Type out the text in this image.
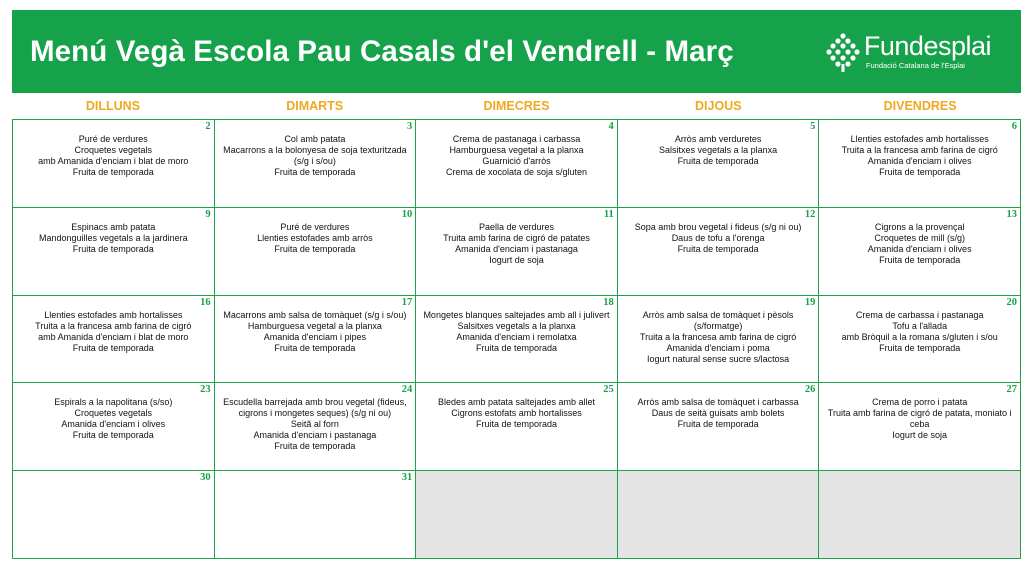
Menú Vegà Escola Pau Casals d'el Vendrell - Març	Fundesplai
Fundació Catalana de l'Esplai
DILLUNS	DIMARTS	DIMECRES	DIJOUS	DIVENDRES
2
Puré de verdures
Croquetes vegetals
amb Amanida d'enciam i blat de moro
Fruita de temporada
3
Col amb patata
Macarrons a la bolonyesa de soja texturitzada (s/g i s/ou)
Fruita de temporada
4
Crema de pastanaga i carbassa
Hamburguesa vegetal a la planxa
Guarnició d'arròs
Crema de xocolata de soja s/gluten
5
Arròs amb verduretes
Salsitxes vegetals a la planxa
Fruita de temporada
6
Llenties estofades amb hortalisses
Truita a la francesa amb farina de cigró
Amanida d'enciam i olives
Fruita de temporada
9
Espinacs amb patata
Mandonguilles vegetals a la jardinera
Fruita de temporada
10
Puré de verdures
Llenties estofades amb arròs
Fruita de temporada
11
Paella de verdures
Truita amb farina de cigró de patates
Amanida d'enciam i pastanaga
Iogurt de soja
12
Sopa amb brou vegetal i fideus (s/g ni ou)
Daus de tofu a l'orenga
Fruita de temporada
13
Cigrons a la provençal
Croquetes de mill (s/g)
Amanida d'enciam i olives
Fruita de temporada
16
Llenties estofades amb hortalisses
Truita a la francesa amb farina de cigró
amb Amanida d'enciam i blat de moro
Fruita de temporada
17
Macarrons amb salsa de tomàquet (s/g i s/ou)
Hamburguesa vegetal a la planxa
Amanida d'enciam i pipes
Fruita de temporada
18
Mongetes blanques saltejades amb all i julivert
Salsitxes vegetals a la planxa
Amanida d'enciam i remolatxa
Fruita de temporada
19
Arròs amb salsa de tomàquet i pèsols (s/formatge)
Truita a la francesa amb farina de cigró
Amanida d'enciam i poma
Iogurt natural sense sucre s/lactosa
20
Crema de carbassa i pastanaga
Tofu a l'allada
amb Bròquil a la romana s/gluten i s/ou
Fruita de temporada
23
Espirals a la napolitana (s/so)
Croquetes vegetals
Amanida d'enciam i olives
Fruita de temporada
24
Escudella barrejada amb brou vegetal (fideus, cigrons i mongetes seques) (s/g ni ou)
Seitã al forn
Amanida d'enciam i pastanaga
Fruita de temporada
25
Bledes amb patata saltejades amb allet
Cigrons estofats amb hortalisses
Fruita de temporada
26
Arròs amb salsa de tomàquet i carbassa
Daus de seità guisats amb bolets
Fruita de temporada
27
Crema de porro i patata
Truita amb farina de cigró de patata, moniato i ceba
Iogurt de soja
30	31
